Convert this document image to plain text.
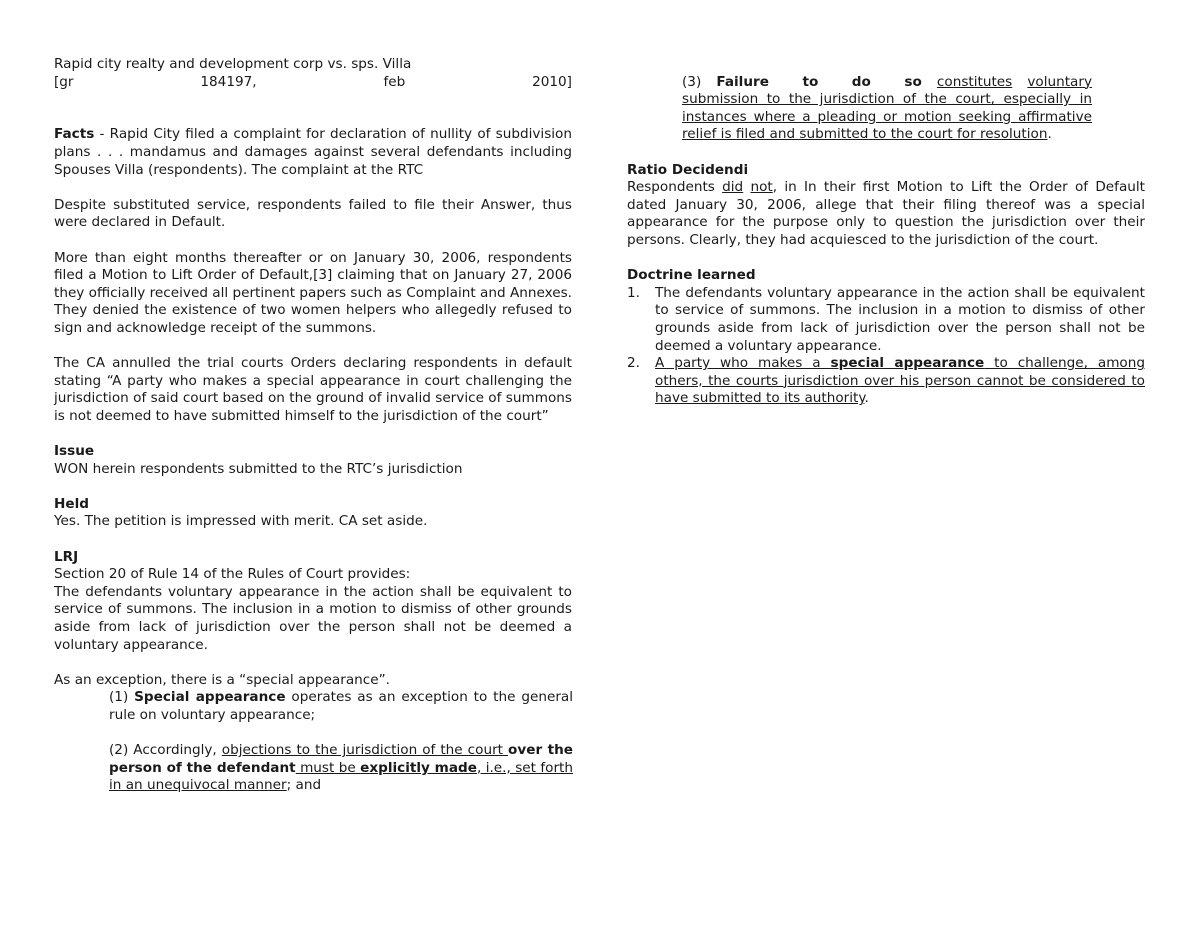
Rapid city realty and development corp vs. sps. Villa

[gr	184197,	feb	2010]

Facts - Rapid City filed a complaint for declaration of nullity of subdivision plans . . . mandamus and damages against several defendants including Spouses Villa (respondents). The complaint at the RTC

Despite substituted service, respondents failed to file their Answer, thus were declared in Default.

More than eight months thereafter or on January 30, 2006, respondents filed a Motion to Lift Order of Default,[3] claiming that on January 27, 2006 they officially received all pertinent papers such as Complaint and Annexes. They denied the existence of two women helpers who allegedly refused to sign and acknowledge receipt of the summons.

The CA annulled the trial courts Orders declaring respondents in default stating “A party who makes a special appearance in court challenging the jurisdiction of said court based on the ground of invalid service of summons is not deemed to have submitted himself to the jurisdiction of the court”

Issue

WON herein respondents submitted to the RTC’s jurisdiction

Held

Yes. The petition is impressed with merit. CA set aside.

LRJ

Section 20 of Rule 14 of the Rules of Court provides:

The defendants voluntary appearance in the action shall be equivalent to service of summons. The inclusion in a motion to dismiss of other grounds aside from lack of jurisdiction over the person shall not be deemed a voluntary appearance.

As an exception, there is a “special appearance”.

(1) Special appearance operates as an exception to the general rule on voluntary appearance;

(2) Accordingly, objections to the jurisdiction of the court over the person of the defendant must be explicitly made, i.e., set forth in an unequivocal manner; and

(3) Failure to do so constitutes voluntary submission to the jurisdiction of the court, especially in instances where a pleading or motion seeking affirmative relief is filed and submitted to the court for resolution.

Ratio Decidendi

Respondents did not, in In their first Motion to Lift the Order of Default dated January 30, 2006, allege that their filing thereof was a special appearance for the purpose only to question the jurisdiction over their persons. Clearly, they had acquiesced to the jurisdiction of the court.

Doctrine learned

1. The defendants voluntary appearance in the action shall be equivalent to service of summons. The inclusion in a motion to dismiss of other grounds aside from lack of jurisdiction over the person shall not be deemed a voluntary appearance.
2. A party who makes a special appearance to challenge, among others, the courts jurisdiction over his person cannot be considered to have submitted to its authority.
